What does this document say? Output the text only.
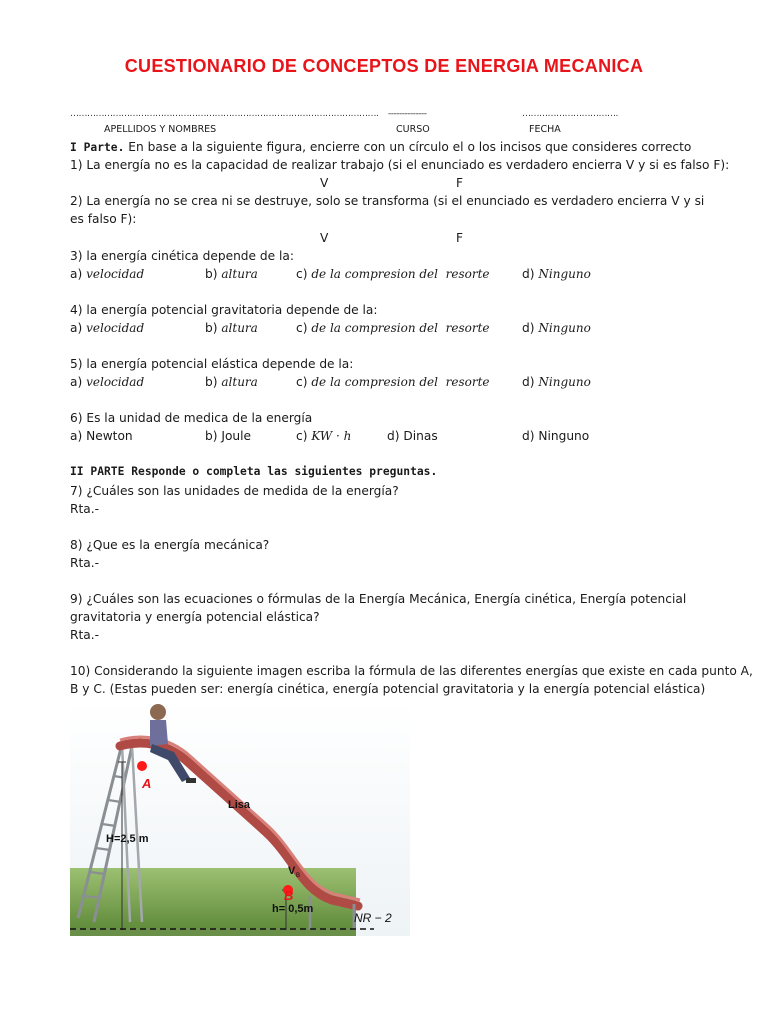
CUESTIONARIO DE CONCEPTOS DE ENERGIA MECANICA
………………………………………………………………………………………………. --------------	…………………………….
APELLIDOS Y NOMBRES	CURSO	FECHA
I Parte. En base a la siguiente figura, encierre con un círculo el o los incisos que consideres correcto
1) La energía no es la capacidad de realizar trabajo (si el enunciado es verdadero encierra V y si es falso F):
V	F
2) La energía no se crea ni se destruye, solo se transforma (si el enunciado es verdadero encierra V y si es falso F):
V	F
3) la energía cinética depende de la:
a) velocidad	b) altura	c) de la compresion del  resorte	d) Ninguno
4) la energía potencial gravitatoria depende de la:
a) velocidad	b) altura	c) de la compresion del  resorte	d) Ninguno
5) la energía potencial elástica depende de la:
a) velocidad	b) altura	c) de la compresion del  resorte	d) Ninguno
6) Es la unidad de medica de la energía
a) Newton	b) Joule	c) KW · h	d) Dinas	d) Ninguno
II PARTE Responde o completa las siguientes preguntas.
7) ¿Cuáles son las unidades de medida de la energía?
Rta.-
8) ¿Que es la energía mecánica?
Rta.-
9) ¿Cuáles son las ecuaciones o fórmulas de la Energía Mecánica, Energía cinética, Energía potencial
gravitatoria y energía potencial elástica?
Rta.-
10) Considerando la siguiente imagen escriba la fórmula de las diferentes energías que existe en cada punto A,
B y C. (Estas pueden ser: energía cinética, energía potencial gravitatoria y la energía potencial elástica)
A
B
Lisa
H=2,5 m
h= 0,5m
V B
NR − 2
